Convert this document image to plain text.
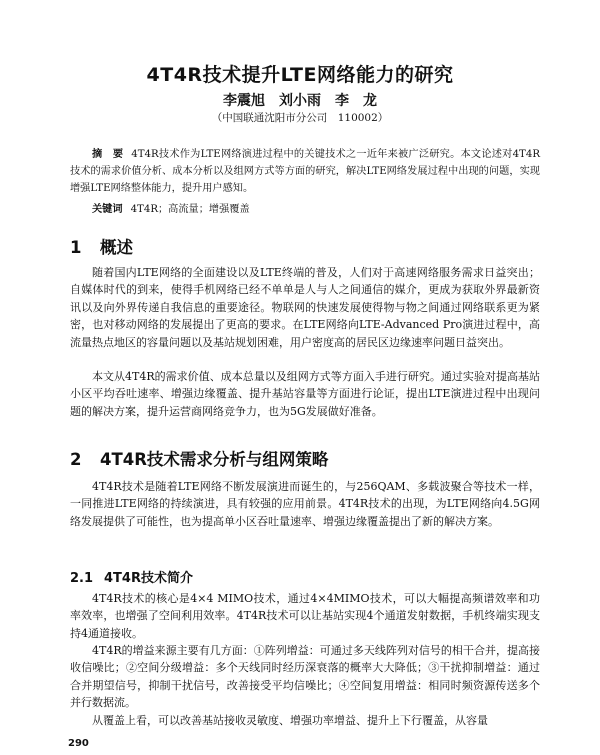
4T4R技术提升LTE网络能力的研究
李震旭　刘小雨　李　龙
（中国联通沈阳市分公司　110002）
摘　要 4T4R技术作为LTE网络演进过程中的关键技术之一近年来被广泛研究。本文论述对4T4R技术的需求价值分析、成本分析以及组网方式等方面的研究，解决LTE网络发展过程中出现的问题，实现增强LTE网络整体能力，提升用户感知。
关键词 4T4R；高流量；增强覆盖
1 概述

随着国内LTE网络的全面建设以及LTE终端的普及，人们对于高速网络服务需求日益突出；自媒体时代的到来，使得手机网络已经不单单是人与人之间通信的媒介，更成为获取外界最新资讯以及向外界传递自我信息的重要途径。物联网的快速发展使得物与物之间通过网络联系更为紧密，也对移动网络的发展提出了更高的要求。在LTE网络向LTE-Advanced Pro演进过程中，高流量热点地区的容量问题以及基站规划困难，用户密度高的居民区边缘速率问题日益突出。

本文从4T4R的需求价值、成本总量以及组网方式等方面入手进行研究。通过实验对提高基站小区平均吞吐速率、增强边缘覆盖、提升基站容量等方面进行论证，提出LTE演进过程中出现问题的解决方案，提升运营商网络竞争力，也为5G发展做好准备。

2 4T4R技术需求分析与组网策略

4T4R技术是随着LTE网络不断发展演进而诞生的，与256QAM、多载波聚合等技术一样，一同推进LTE网络的持续演进，具有较强的应用前景。4T4R技术的出现，为LTE网络向4.5G网络发展提供了可能性，也为提高单小区吞吐量速率、增强边缘覆盖提出了新的解决方案。

2.1 4T4R技术简介

4T4R技术的核心是4×4 MIMO技术，通过4×4MIMO技术，可以大幅提高频谱效率和功率效率，也增强了空间利用效率。4T4R技术可以让基站实现4个通道发射数据，手机终端实现支持4通道接收。

4T4R的增益来源主要有几方面：①阵列增益：可通过多天线阵列对信号的相干合并，提高接收信噪比；②空间分级增益：多个天线同时经历深衰落的概率大大降低；③干扰抑制增益：通过合并期望信号，抑制干扰信号，改善接受平均信噪比；④空间复用增益：相同时频资源传送多个并行数据流。

从覆盖上看，可以改善基站接收灵敏度、增强功率增益、提升上下行覆盖，从容量

290
